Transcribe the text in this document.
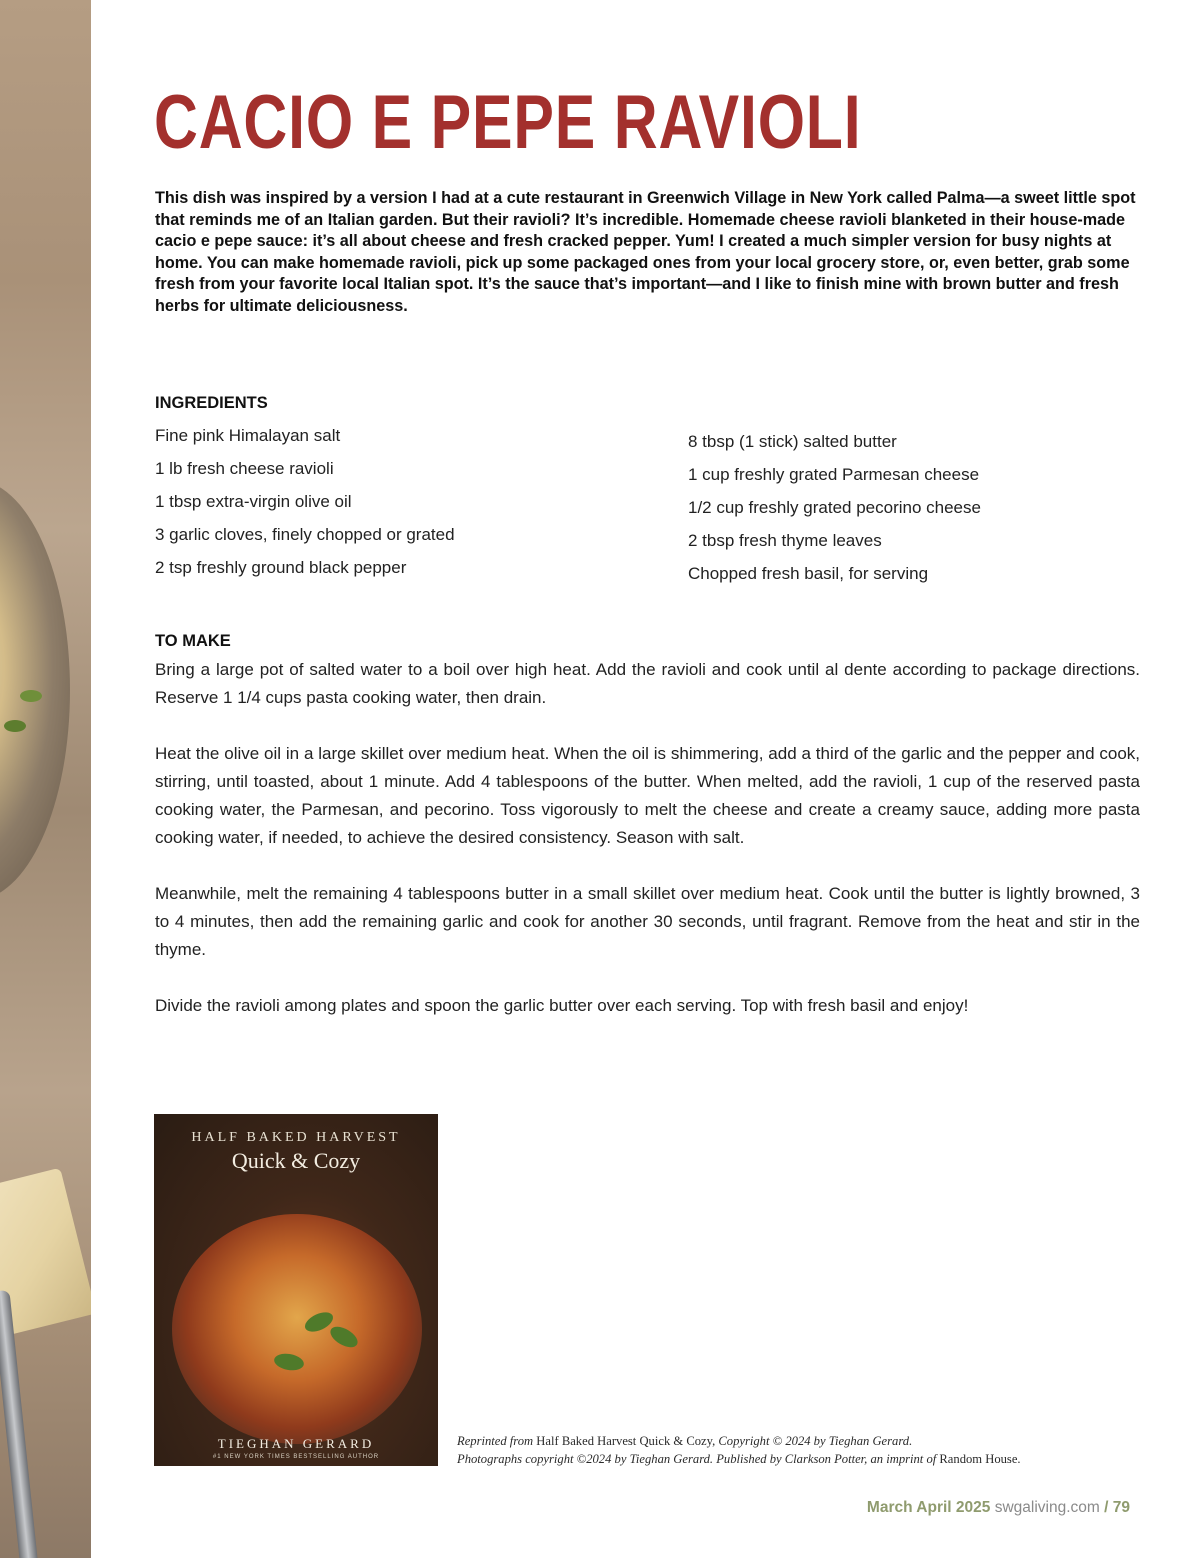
CACIO E PEPE RAVIOLI

This dish was inspired by a version I had at a cute restaurant in Greenwich Village in New York called Palma—a sweet little spot that reminds me of an Italian garden. But their ravioli? It’s incredible. Homemade cheese ravioli blanketed in their house-made cacio e pepe sauce: it’s all about cheese and fresh cracked pepper. Yum! I created a much simpler version for busy nights at home. You can make homemade ravioli, pick up some packaged ones from your local grocery store, or, even better, grab some fresh from your favorite local Italian spot. It’s the sauce that’s important—and I like to finish mine with brown butter and fresh herbs for ultimate deliciousness.

INGREDIENTS
Fine pink Himalayan salt
1 lb fresh cheese ravioli
1 tbsp extra-virgin olive oil
3 garlic cloves, finely chopped or grated
2 tsp freshly ground black pepper
8 tbsp (1 stick) salted butter
1 cup freshly grated Parmesan cheese
1/2 cup freshly grated pecorino cheese
2 tbsp fresh thyme leaves
Chopped fresh basil, for serving
TO MAKE

Bring a large pot of salted water to a boil over high heat. Add the ravioli and cook until al dente according to package directions. Reserve 1 1/4 cups pasta cooking water, then drain.

Heat the olive oil in a large skillet over medium heat. When the oil is shimmering, add a third of the garlic and the pepper and cook, stirring, until toasted, about 1 minute. Add 4 tablespoons of the butter. When melted, add the ravioli, 1 cup of the reserved pasta cooking water, the Parmesan, and pecorino. Toss vigorously to melt the cheese and create a creamy sauce, adding more pasta cooking water, if needed, to achieve the desired consistency. Season with salt.

Meanwhile, melt the remaining 4 tablespoons butter in a small skillet over medium heat. Cook until the butter is lightly browned, 3 to 4 minutes, then add the remaining garlic and cook for another 30 seconds, until fragrant. Remove from the heat and stir in the thyme.

Divide the ravioli among plates and spoon the garlic butter over each serving. Top with fresh basil and enjoy!

HALF BAKED HARVEST
Quick & Cozy
TIEGHAN GERARD
#1 NEW YORK TIMES BESTSELLING AUTHOR

Reprinted from Half Baked Harvest Quick & Cozy, Copyright © 2024 by Tieghan Gerard.
Photographs copyright ©2024 by Tieghan Gerard. Published by Clarkson Potter, an imprint of Random House.

March April 2025 swgaliving.com / 79
